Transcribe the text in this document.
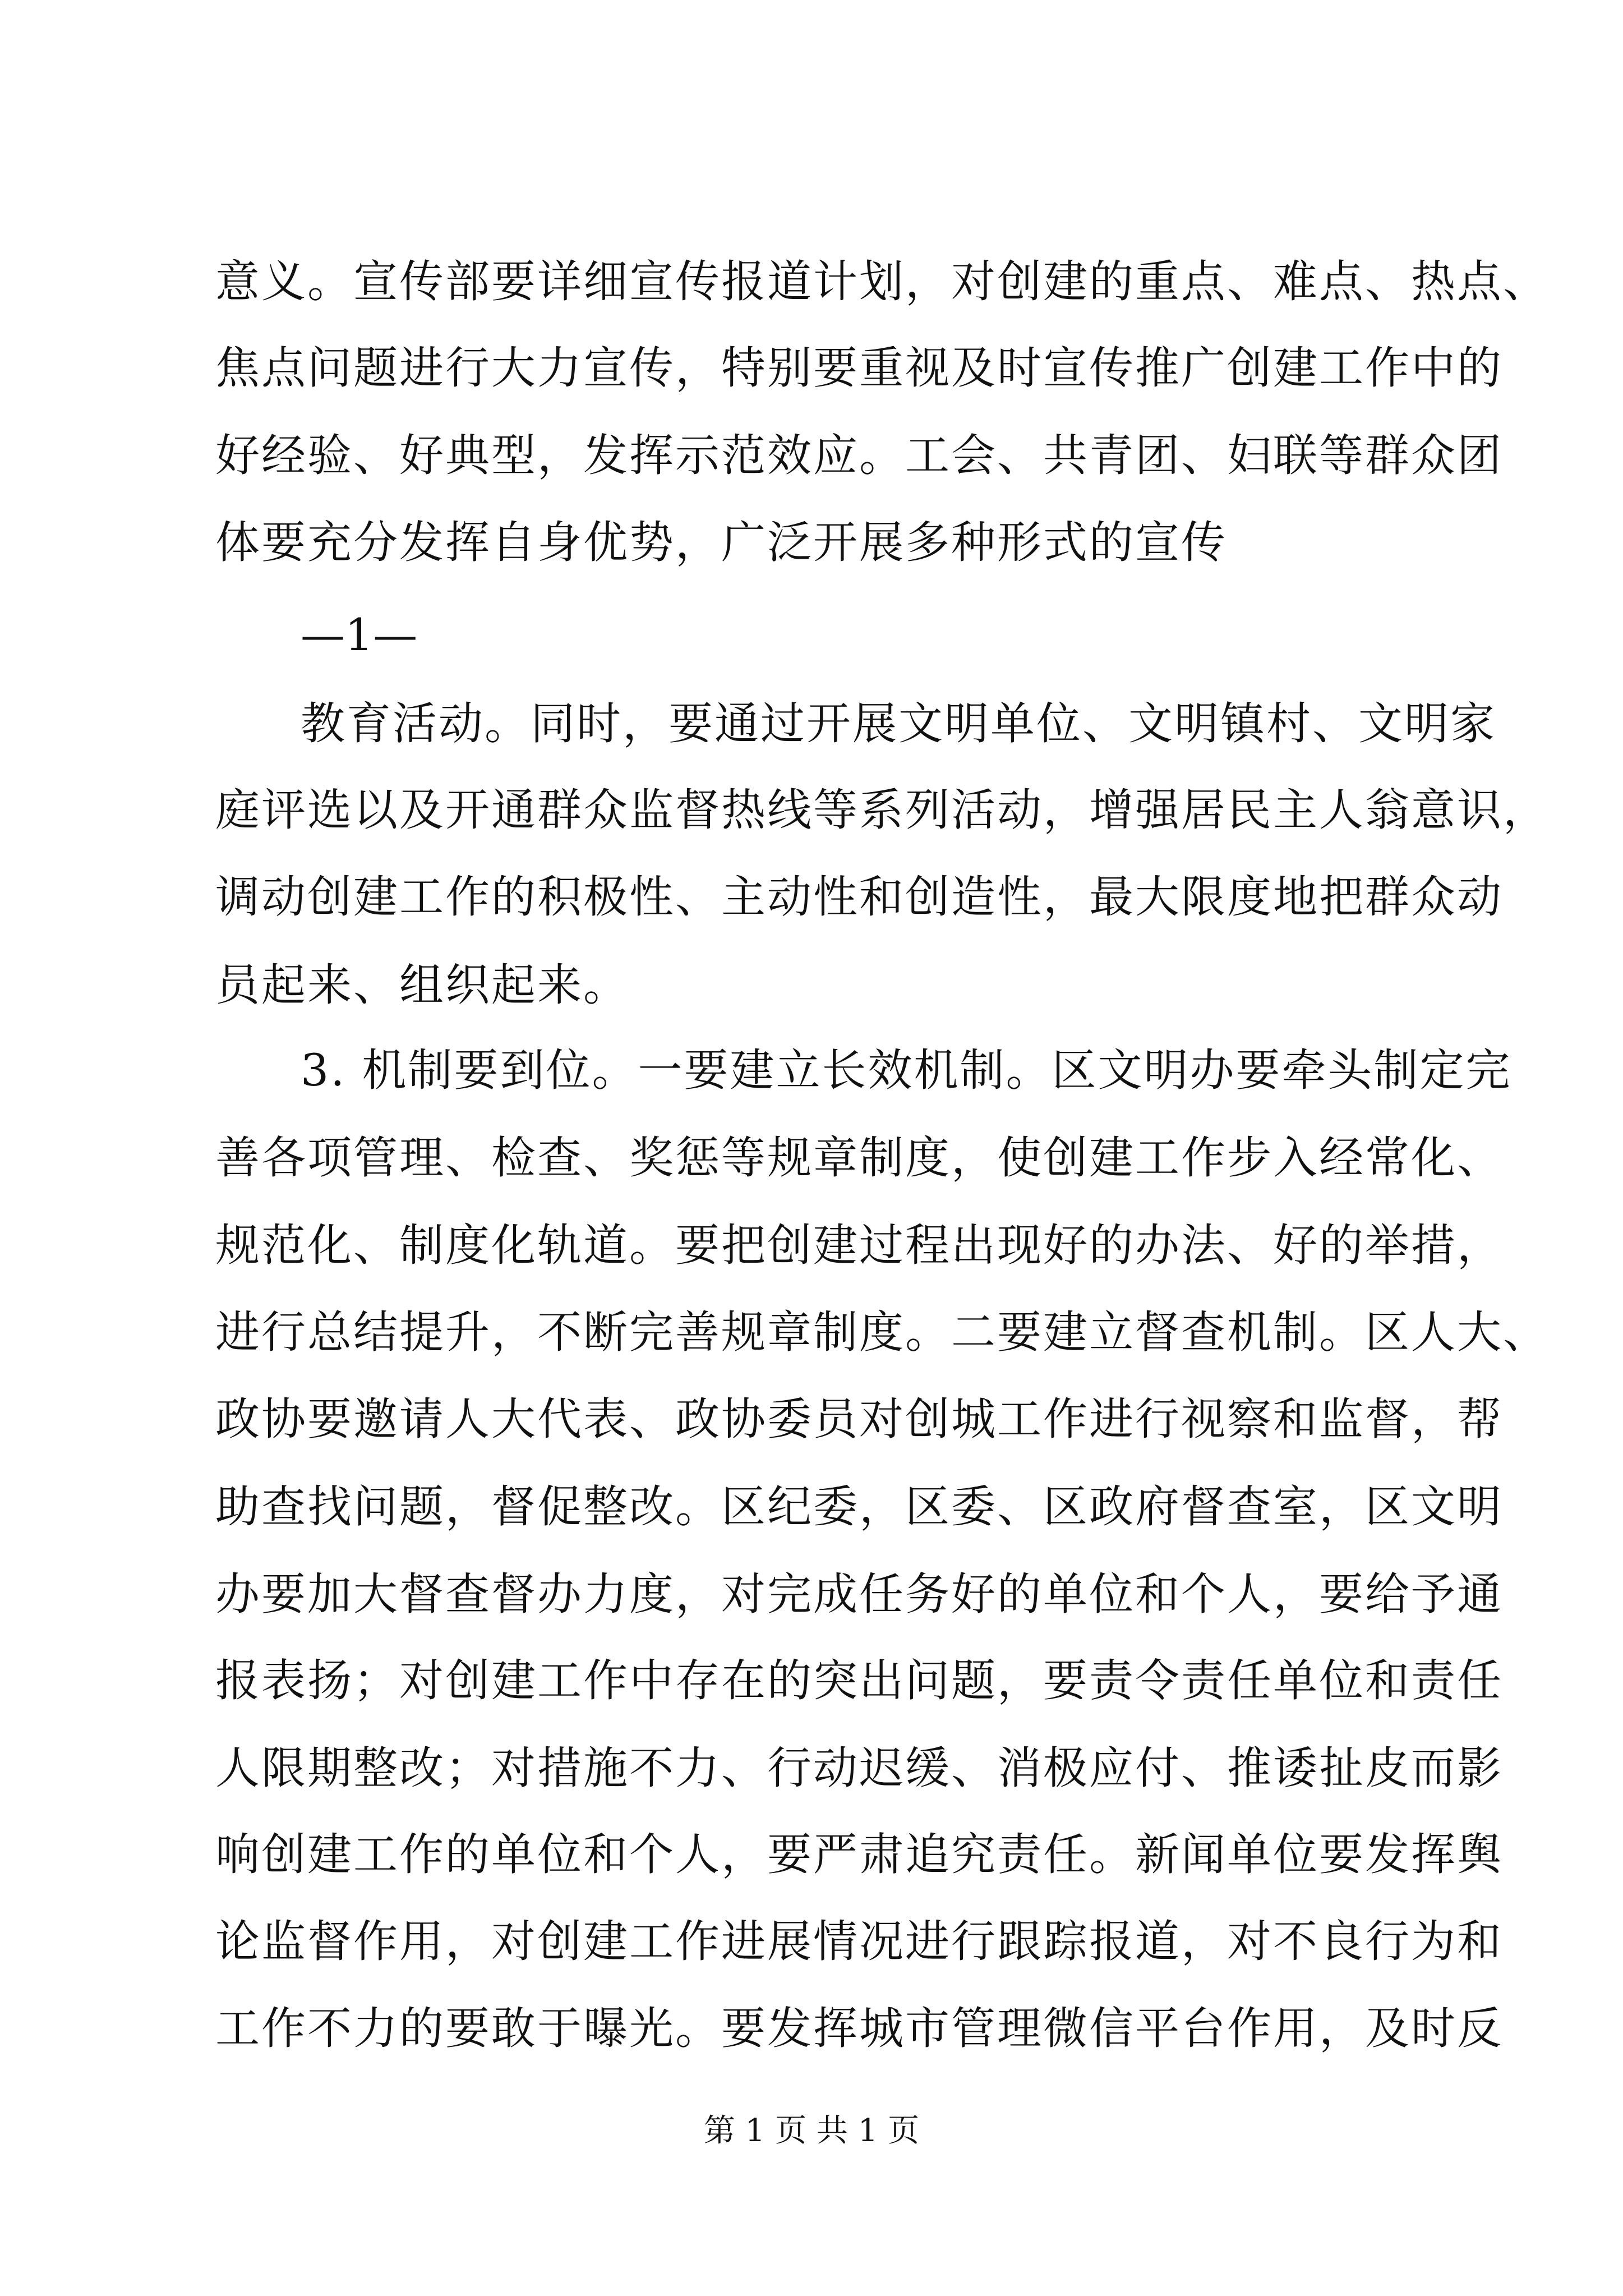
意义。宣传部要详细宣传报道计划，对创建的重点、难点、热点、
焦点问题进行大力宣传，特别要重视及时宣传推广创建工作中的
好经验、好典型，发挥示范效应。工会、共青团、妇联等群众团
体要充分发挥自身优势，广泛开展多种形式的宣传
—1—
教育活动。同时，要通过开展文明单位、文明镇村、文明家
庭评选以及开通群众监督热线等系列活动，增强居民主人翁意识，
调动创建工作的积极性、主动性和创造性，最大限度地把群众动
员起来、组织起来。
3. 机制要到位。一要建立长效机制。区文明办要牵头制定完
善各项管理、检查、奖惩等规章制度，使创建工作步入经常化、
规范化、制度化轨道。要把创建过程出现好的办法、好的举措，
进行总结提升，不断完善规章制度。二要建立督查机制。区人大、
政协要邀请人大代表、政协委员对创城工作进行视察和监督，帮
助查找问题，督促整改。区纪委，区委、区政府督查室，区文明
办要加大督查督办力度，对完成任务好的单位和个人，要给予通
报表扬；对创建工作中存在的突出问题，要责令责任单位和责任
人限期整改；对措施不力、行动迟缓、消极应付、推诿扯皮而影
响创建工作的单位和个人，要严肃追究责任。新闻单位要发挥舆
论监督作用，对创建工作进展情况进行跟踪报道，对不良行为和
工作不力的要敢于曝光。要发挥城市管理微信平台作用，及时反
第 1 页 共 1 页
